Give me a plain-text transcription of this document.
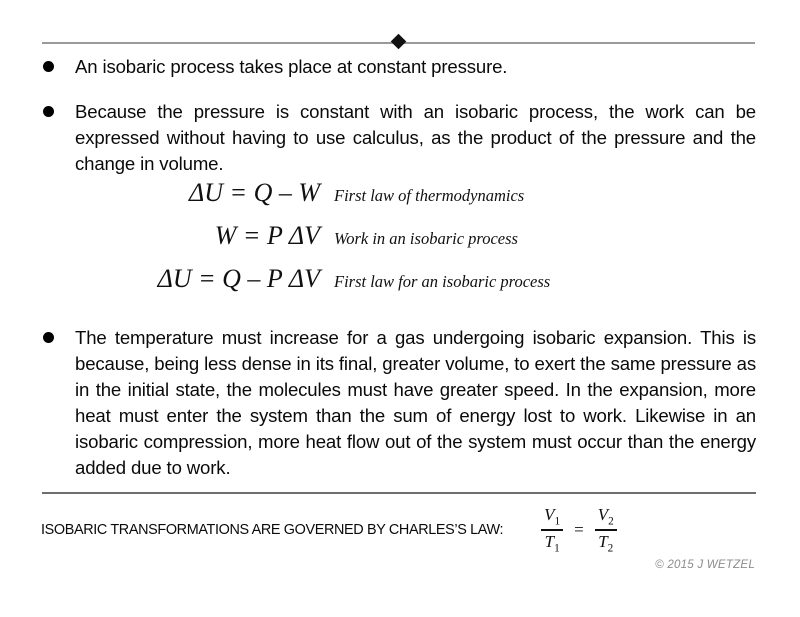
An isobaric process takes place at constant pressure.
Because the pressure is constant with an isobaric process, the work can be expressed without having to use calculus, as the product of the pressure and the change in volume.
ΔU = Q – W First law of thermodynamics
W = P ΔV Work in an isobaric process
ΔU = Q – P ΔV First law for an isobaric process
The temperature must increase for a gas undergoing isobaric expansion. This is because, being less dense in its final, greater volume, to exert the same pressure as in the initial state, the molecules must have greater speed. In the expansion, more heat must enter the system than the sum of energy lost to work. Likewise in an isobaric compression, more heat flow out of the system must occur than the energy added due to work.
ISOBARIC TRANSFORMATIONS ARE GOVERNED BY CHARLES’S LAW: $\frac{V_1}{T_1} = \frac{V_2}{T_2}$
© 2015 J WETZEL
